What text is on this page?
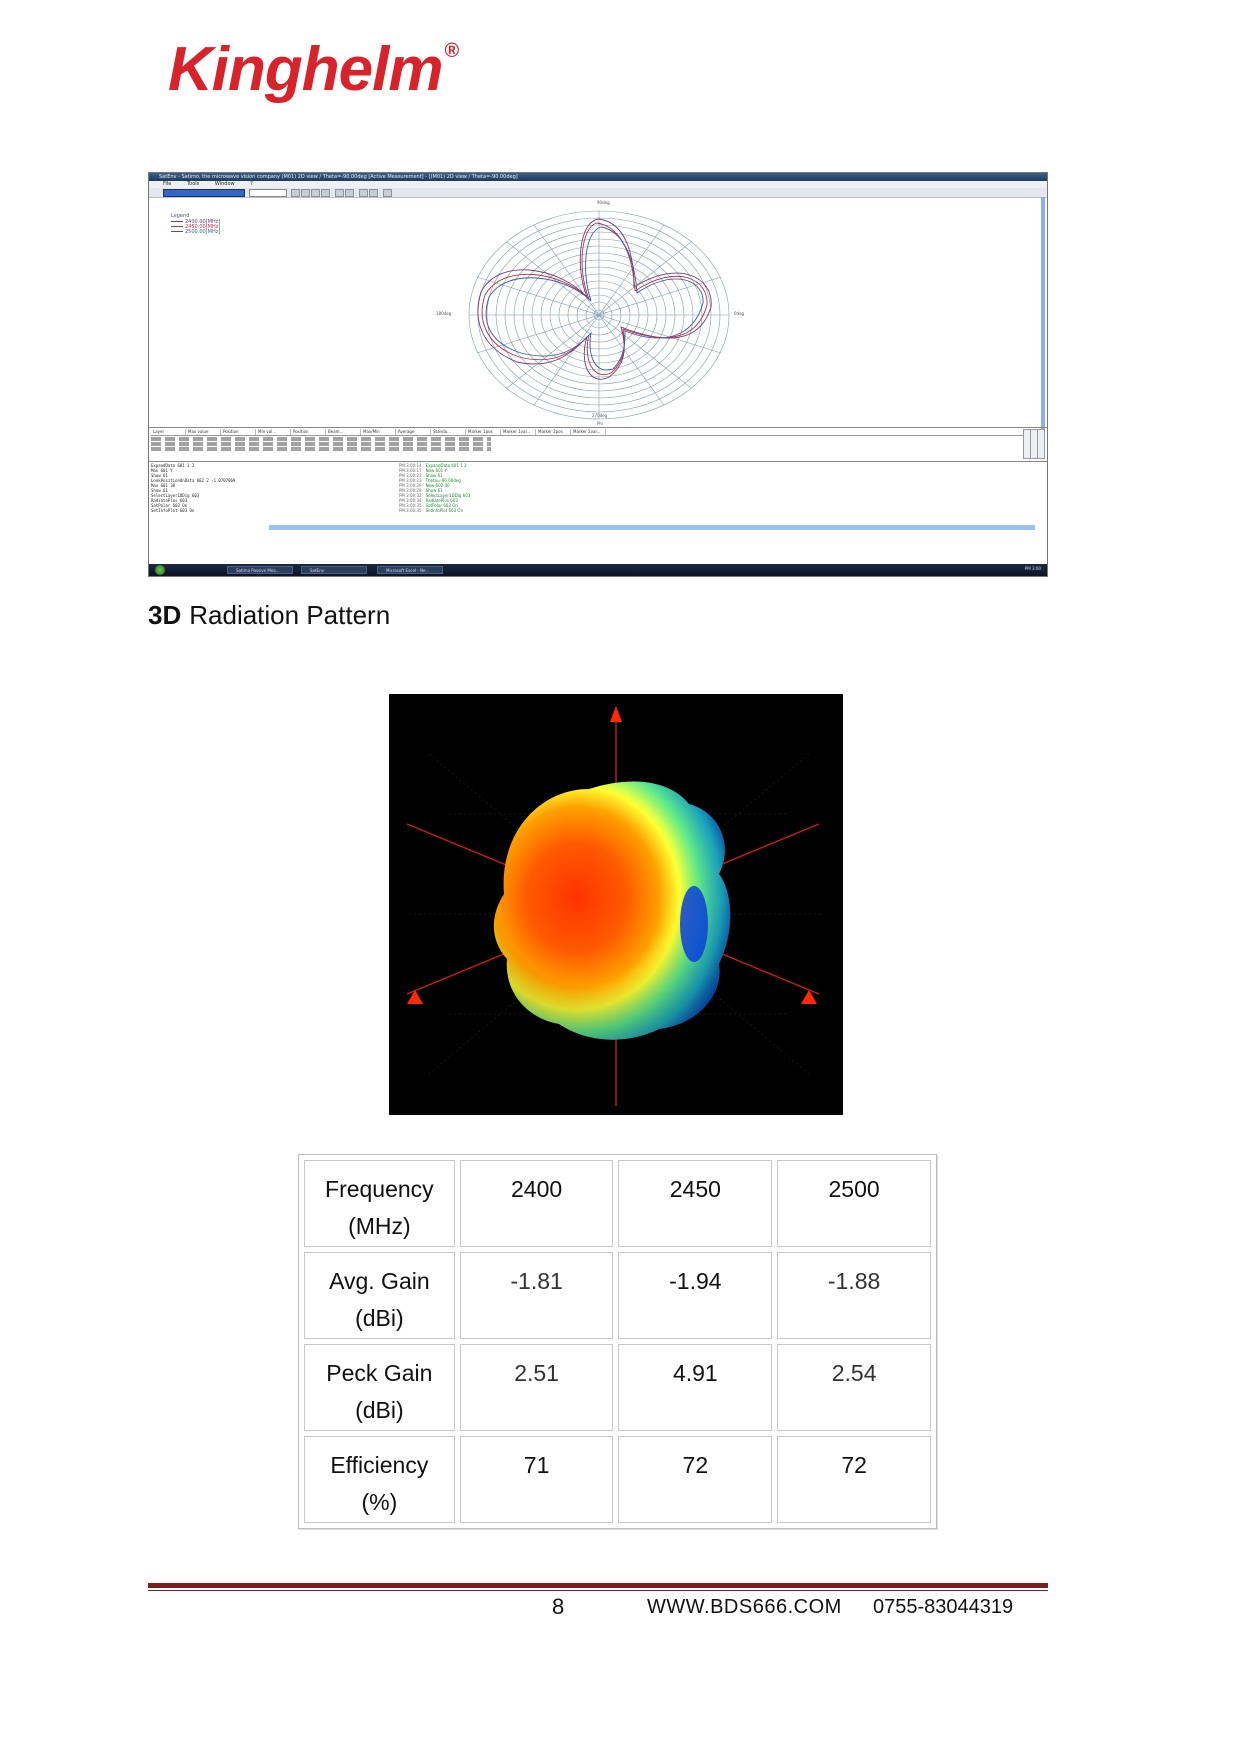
Kinghelm ®
SatEnv - Satimo, the microwave vision company (M01) 2D view / Theta=-90.00deg [Active Measurement] - [(M01) 2D view / Theta=-90.00deg]
File	Tools	Window	?
Legend
2400.00[MHz]
2450.00[MHz]
2500.00[MHz]
90deg
180deg	0deg
270deg
Phi
Layer	Max value	Position	Min val...	Position	Beam...	Max/Min	Average	Standa...	Marker 1pos	Marker 1val...	Marker 2pos	Marker 2val...
ExpandData 601 1 2
Max 601 Y
Show 61
LookPositionOnData 602 2 -1.0707069
Max 601 30
Show 61
SelectLayer1DDig 603
RadiatePlus 603
SatPolar 603 On
SetInfoPlot 603 On
PM 3:00:14 ExpandData 601 1 2
PM 3:00:17 New 601 Y
PM 3:00:23 Show 61
PM 3:00:23 Theta=-90.00deg
PM 3:00:29 New 602 30
PM 3:00:29 Show 61
PM 3:00:32 SelectLayer1DDig 603
PM 3:00:34 RadiatePlus 603
PM 3:00:35 SatPolar 603 On
PM 3:00:35 SetInfoPlot 603 On
Satimo Passive Mea...	SatEnv	Microsoft Excel - Ne...	PM 3:00
3D Radiation Pattern
Frequency
(MHz)	2400	2450	2500
Avg. Gain
(dBi)	-1.81	-1.94	-1.88
Peck Gain
(dBi)	2.51	4.91	2.54
Efficiency
(%)	71	72	72
8	WWW.BDS666.COM 0755-83044319
